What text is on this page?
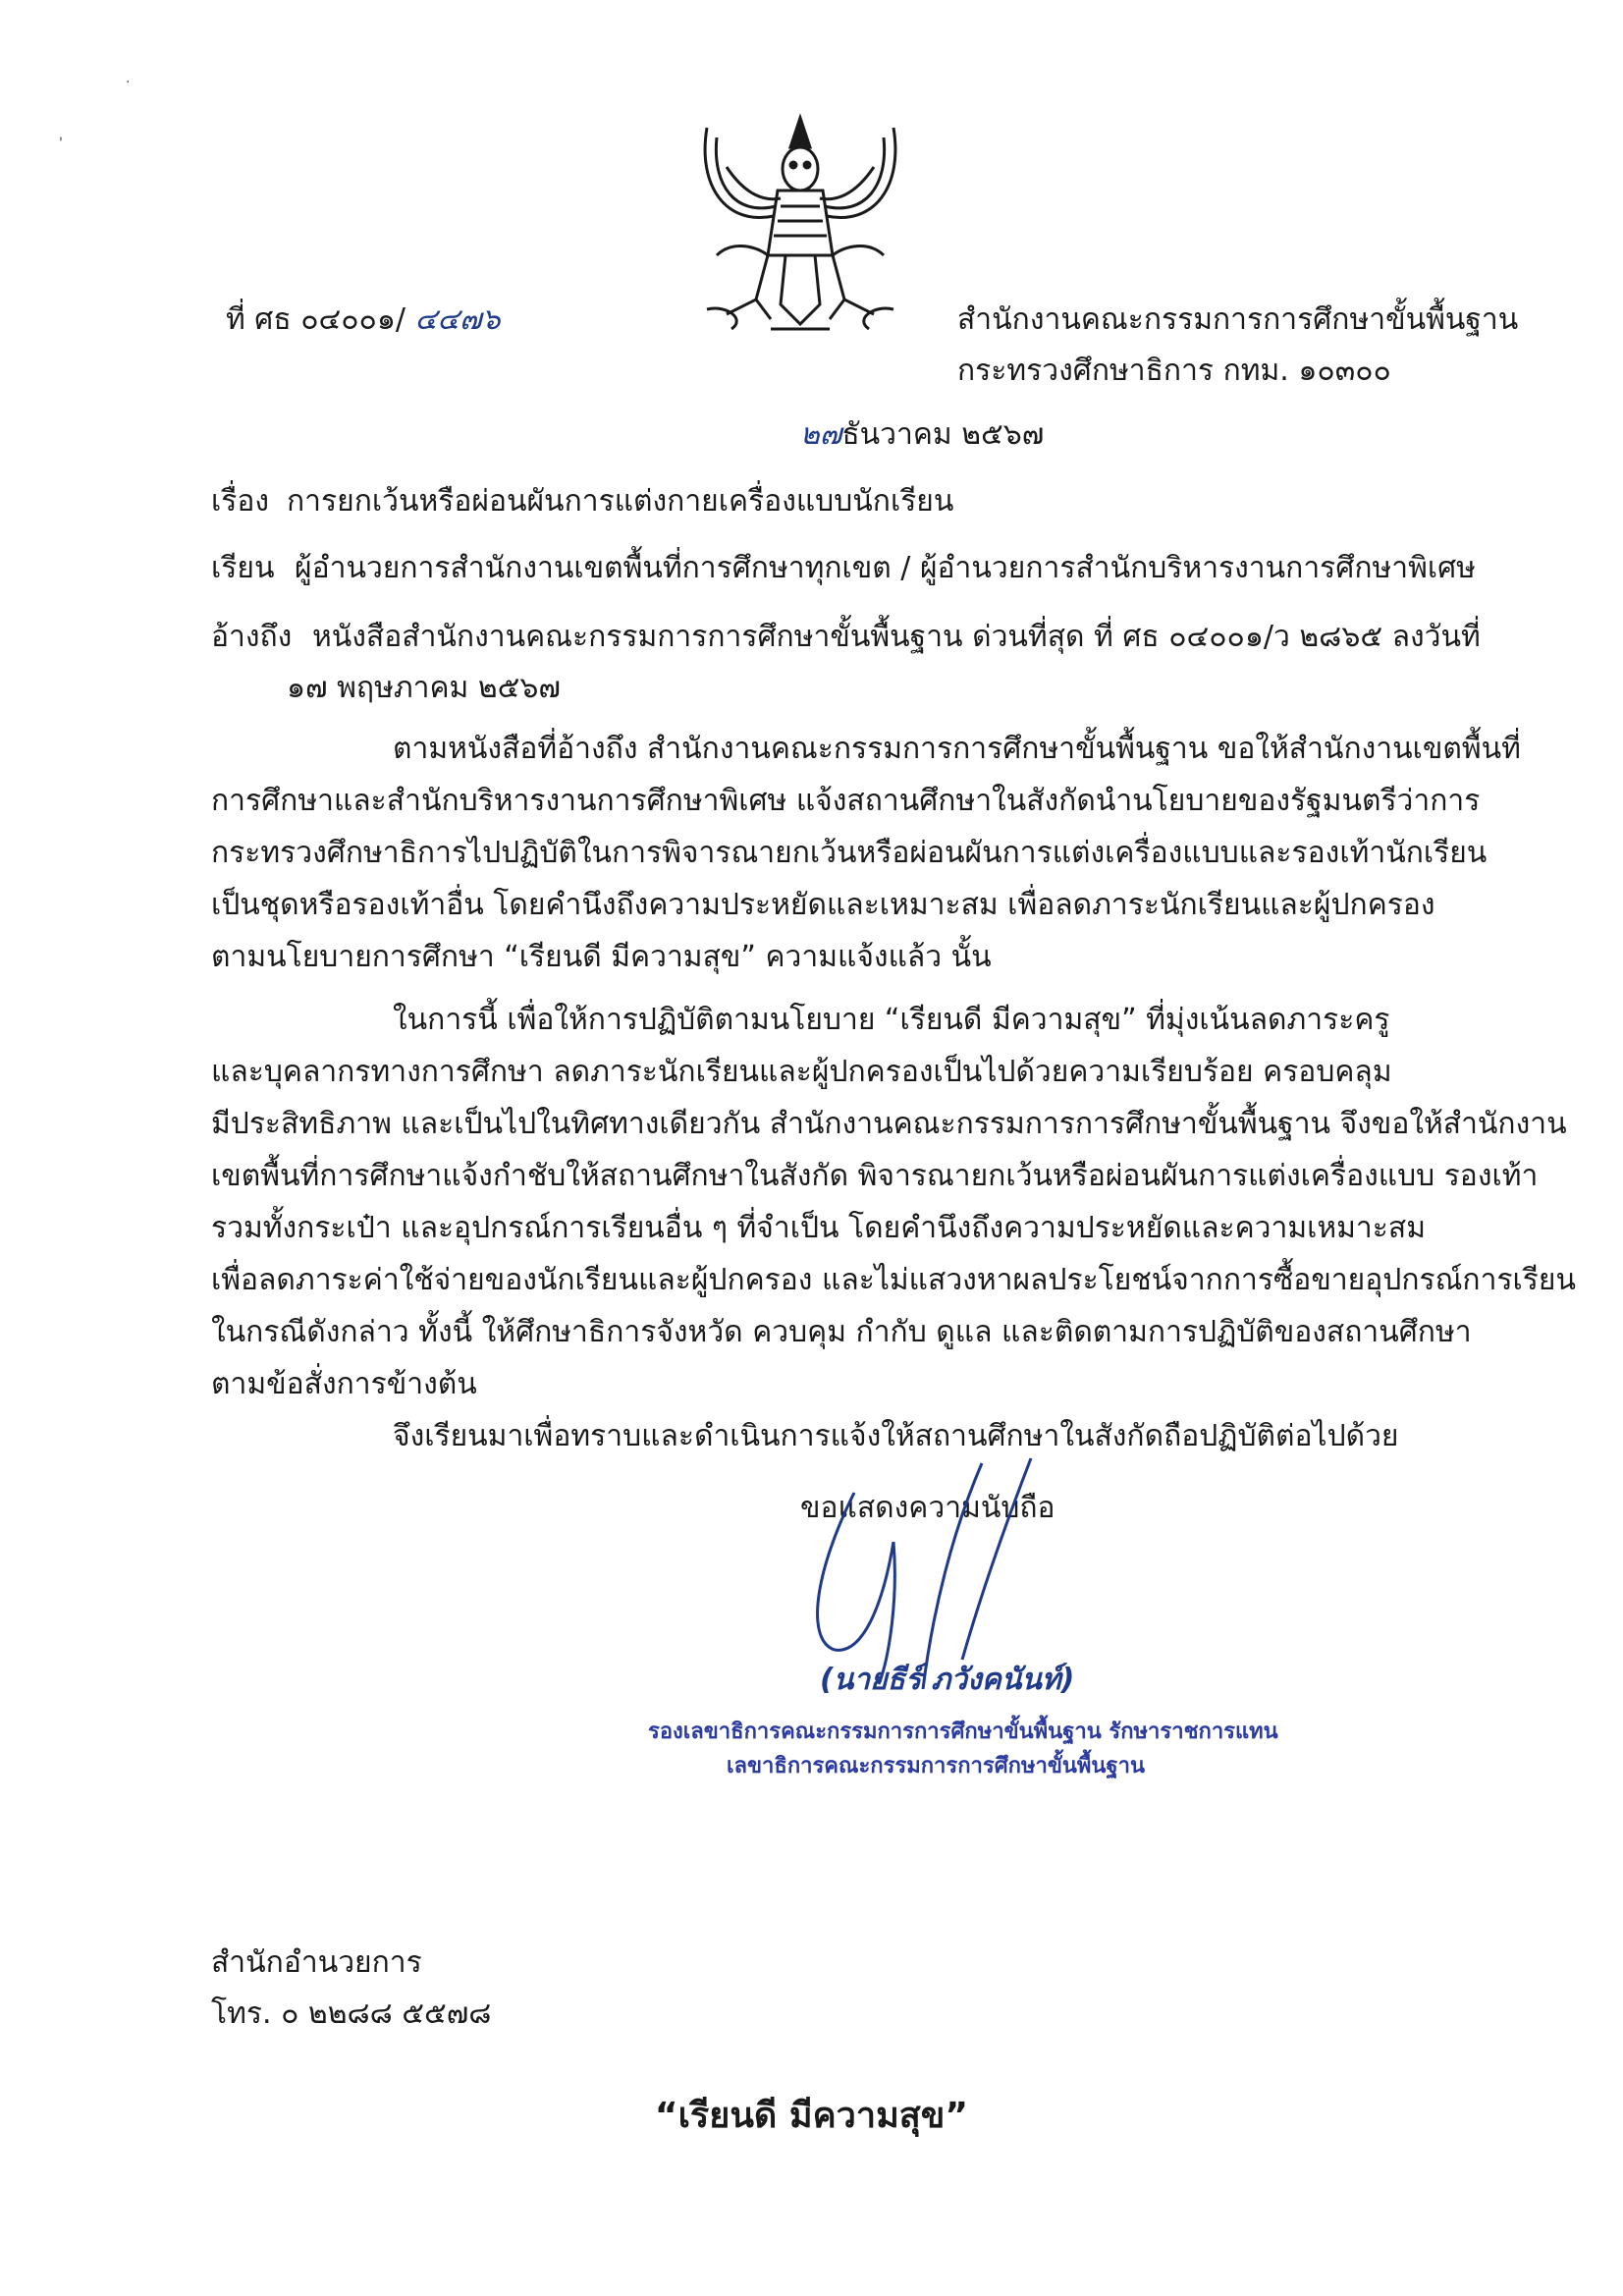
.
'
ที่ ศธ ๐๔๐๐๑/ ๔๔๗๖	สำนักงานคณะกรรมการการศึกษาขั้นพื้นฐาน
กระทรวงศึกษาธิการ กทม. ๑๐๓๐๐
๒๗ธันวาคม ๒๕๖๗
เรื่อง การยกเว้นหรือผ่อนผันการแต่งกายเครื่องแบบนักเรียน
เรียน ผู้อำนวยการสำนักงานเขตพื้นที่การศึกษาทุกเขต / ผู้อำนวยการสำนักบริหารงานการศึกษาพิเศษ
อ้างถึง หนังสือสำนักงานคณะกรรมการการศึกษาขั้นพื้นฐาน ด่วนที่สุด ที่ ศธ ๐๔๐๐๑/ว ๒๘๖๕ ลงวันที่
๑๗ พฤษภาคม ๒๕๖๗
ตามหนังสือที่อ้างถึง สำนักงานคณะกรรมการการศึกษาขั้นพื้นฐาน ขอให้สำนักงานเขตพื้นที่
การศึกษาและสำนักบริหารงานการศึกษาพิเศษ แจ้งสถานศึกษาในสังกัดนำนโยบายของรัฐมนตรีว่าการ
กระทรวงศึกษาธิการไปปฏิบัติในการพิจารณายกเว้นหรือผ่อนผันการแต่งเครื่องแบบและรองเท้านักเรียน
เป็นชุดหรือรองเท้าอื่น โดยคำนึงถึงความประหยัดและเหมาะสม เพื่อลดภาระนักเรียนและผู้ปกครอง
ตามนโยบายการศึกษา “เรียนดี มีความสุข” ความแจ้งแล้ว นั้น
ในการนี้ เพื่อให้การปฏิบัติตามนโยบาย “เรียนดี มีความสุข” ที่มุ่งเน้นลดภาระครู
และบุคลากรทางการศึกษา ลดภาระนักเรียนและผู้ปกครองเป็นไปด้วยความเรียบร้อย ครอบคลุม
มีประสิทธิภาพ และเป็นไปในทิศทางเดียวกัน สำนักงานคณะกรรมการการศึกษาขั้นพื้นฐาน จึงขอให้สำนักงาน
เขตพื้นที่การศึกษาแจ้งกำชับให้สถานศึกษาในสังกัด พิจารณายกเว้นหรือผ่อนผันการแต่งเครื่องแบบ รองเท้า
รวมทั้งกระเป๋า และอุปกรณ์การเรียนอื่น ๆ ที่จำเป็น โดยคำนึงถึงความประหยัดและความเหมาะสม
เพื่อลดภาระค่าใช้จ่ายของนักเรียนและผู้ปกครอง และไม่แสวงหาผลประโยชน์จากการซื้อขายอุปกรณ์การเรียน
ในกรณีดังกล่าว ทั้งนี้ ให้ศึกษาธิการจังหวัด ควบคุม กำกับ ดูแล และติดตามการปฏิบัติของสถานศึกษา
ตามข้อสั่งการข้างต้น
จึงเรียนมาเพื่อทราบและดำเนินการแจ้งให้สถานศึกษาในสังกัดถือปฏิบัติต่อไปด้วย
ขอแสดงความนับถือ
(นายธีร์ ภวังคนันท์)
รองเลขาธิการคณะกรรมการการศึกษาขั้นพื้นฐาน รักษาราชการแทน
เลขาธิการคณะกรรมการการศึกษาขั้นพื้นฐาน
สำนักอำนวยการ
โทร. ๐ ๒๒๘๘ ๕๕๗๘
“เรียนดี มีความสุข”
